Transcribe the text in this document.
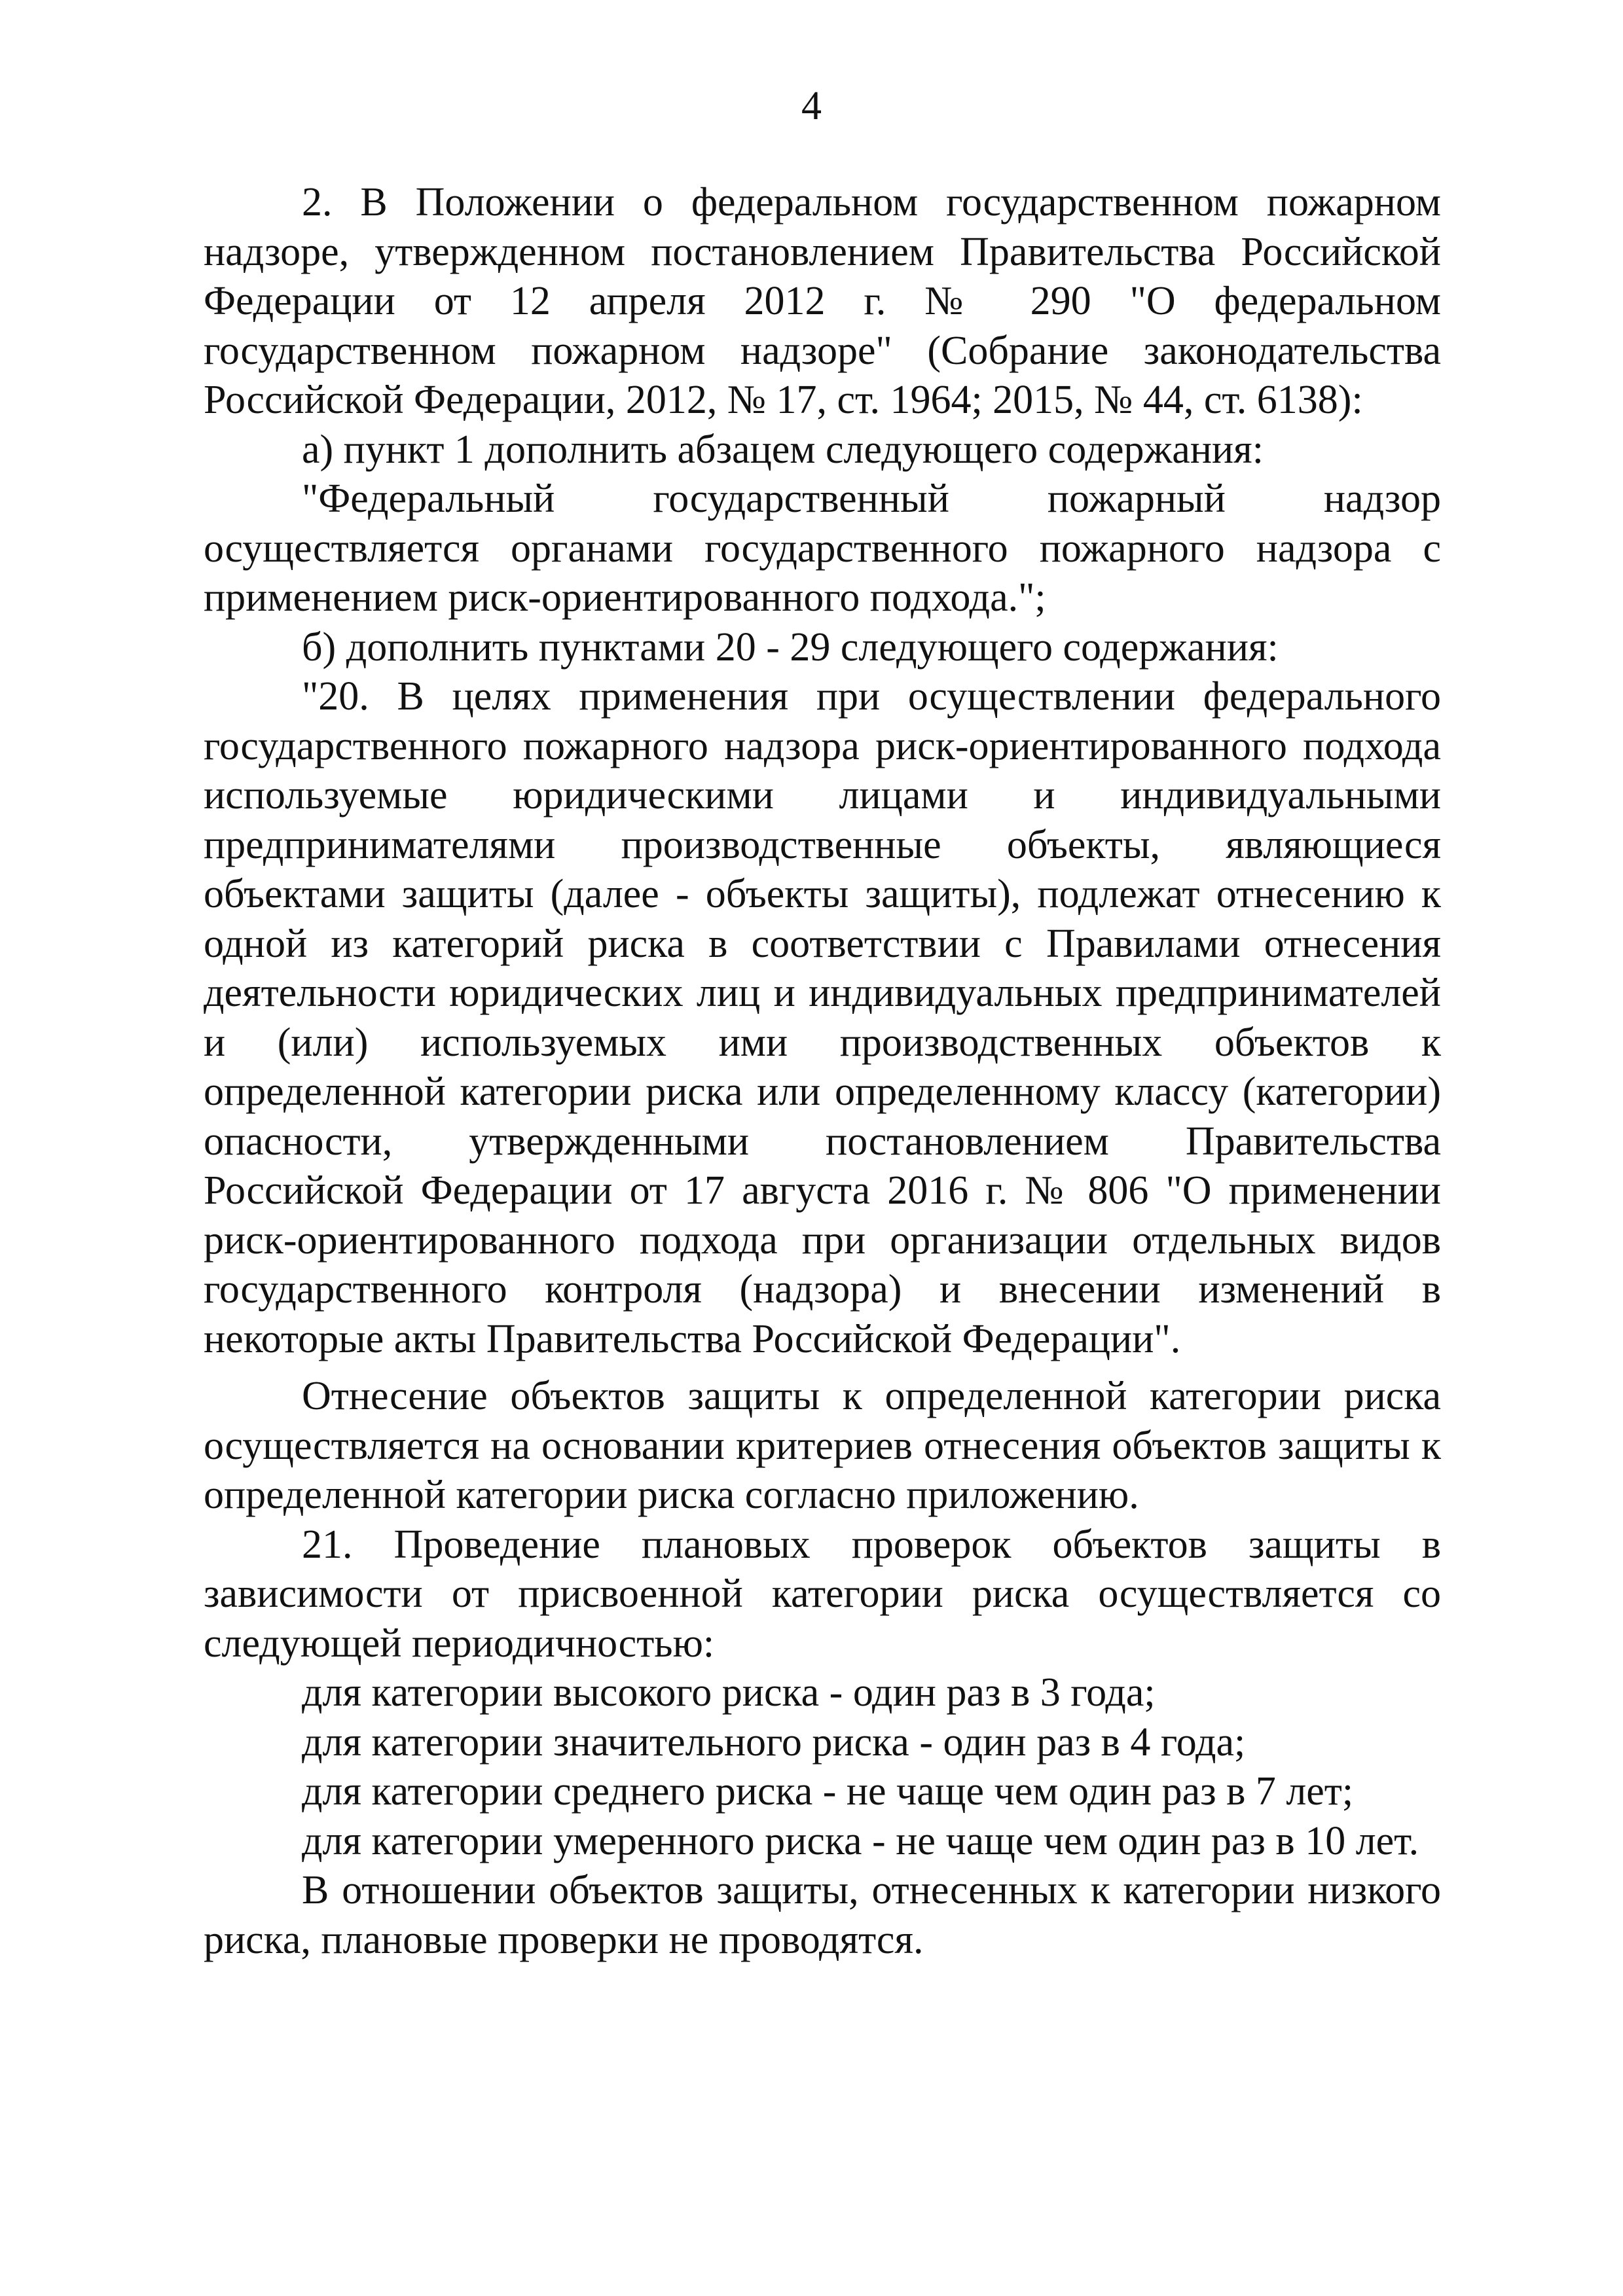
4

2. В Положении о федеральном государственном пожарном надзоре, утвержденном постановлением Правительства Российской Федерации от 12 апреля 2012 г. № 290 "О федеральном государственном пожарном надзоре" (Собрание законодательства Российской Федерации, 2012, № 17, ст. 1964; 2015, № 44, ст. 6138):

а) пункт 1 дополнить абзацем следующего содержания:

"Федеральный государственный пожарный надзор осуществляется органами государственного пожарного надзора с применением риск-ориентированного подхода.";

б) дополнить пунктами 20 - 29 следующего содержания:

"20. В целях применения при осуществлении федерального государственного пожарного надзора риск-ориентированного подхода используемые юридическими лицами и индивидуальными предпринимателями производственные объекты, являющиеся объектами защиты (далее - объекты защиты), подлежат отнесению к одной из категорий риска в соответствии с Правилами отнесения деятельности юридических лиц и индивидуальных предпринимателей и (или) используемых ими производственных объектов к определенной категории риска или определенному классу (категории) опасности, утвержденными постановлением Правительства Российской Федерации от 17 августа 2016 г. № 806 "О применении риск-ориентированного подхода при организации отдельных видов государственного контроля (надзора) и внесении изменений в некоторые акты Правительства Российской Федерации".

Отнесение объектов защиты к определенной категории риска осуществляется на основании критериев отнесения объектов защиты к определенной категории риска согласно приложению.

21. Проведение плановых проверок объектов защиты в зависимости от присвоенной категории риска осуществляется со следующей периодичностью:

для категории высокого риска - один раз в 3 года;

для категории значительного риска - один раз в 4 года;

для категории среднего риска - не чаще чем один раз в 7 лет;

для категории умеренного риска - не чаще чем один раз в 10 лет.

В отношении объектов защиты, отнесенных к категории низкого риска, плановые проверки не проводятся.
